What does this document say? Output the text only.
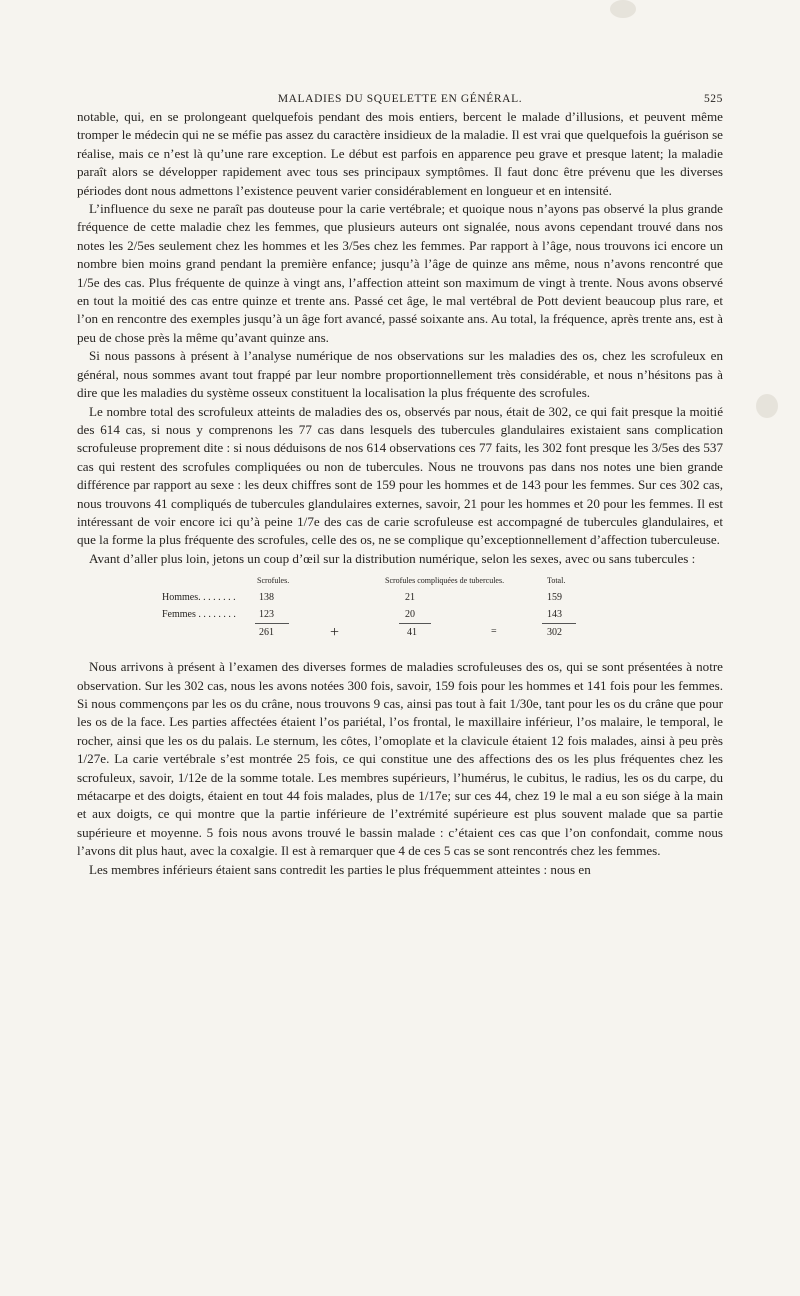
MALADIES DU SQUELETTE EN GÉNÉRAL.	525

notable, qui, en se prolongeant quelquefois pendant des mois entiers, bercent le malade d’illusions, et peuvent même tromper le médecin qui ne se méfie pas assez du caractère insidieux de la maladie. Il est vrai que quelquefois la guérison se réalise, mais ce n’est là qu’une rare exception. Le début est parfois en apparence peu grave et presque latent; la maladie paraît alors se développer rapidement avec tous ses principaux symptômes. Il faut donc être prévenu que les diverses périodes dont nous admettons l’existence peuvent varier considérablement en longueur et en intensité.

L’influence du sexe ne paraît pas douteuse pour la carie vertébrale; et quoique nous n’ayons pas observé la plus grande fréquence de cette maladie chez les femmes, que plusieurs auteurs ont signalée, nous avons cependant trouvé dans nos notes les 2/5es seulement chez les hommes et les 3/5es chez les femmes. Par rapport à l’âge, nous trouvons ici encore un nombre bien moins grand pendant la première enfance; jusqu’à l’âge de quinze ans même, nous n’avons rencontré que 1/5e des cas. Plus fréquente de quinze à vingt ans, l’affection atteint son maximum de vingt à trente. Nous avons observé en tout la moitié des cas entre quinze et trente ans. Passé cet âge, le mal vertébral de Pott devient beaucoup plus rare, et l’on en rencontre des exemples jusqu’à un âge fort avancé, passé soixante ans. Au total, la fréquence, après trente ans, est à peu de chose près la même qu’avant quinze ans.

Si nous passons à présent à l’analyse numérique de nos observations sur les maladies des os, chez les scrofuleux en général, nous sommes avant tout frappé par leur nombre proportionnellement très considérable, et nous n’hésitons pas à dire que les maladies du système osseux constituent la localisation la plus fréquente des scrofules.

Le nombre total des scrofuleux atteints de maladies des os, observés par nous, était de 302, ce qui fait presque la moitié des 614 cas, si nous y comprenons les 77 cas dans lesquels des tubercules glandulaires existaient sans complication scrofuleuse proprement dite : si nous déduisons de nos 614 observations ces 77 faits, les 302 font presque les 3/5es des 537 cas qui restent des scrofules compliquées ou non de tubercules. Nous ne trouvons pas dans nos notes une bien grande différence par rapport au sexe : les deux chiffres sont de 159 pour les hommes et de 143 pour les femmes. Sur ces 302 cas, nous trouvons 41 compliqués de tubercules glandulaires externes, savoir, 21 pour les hommes et 20 pour les femmes. Il est intéressant de voir encore ici qu’à peine 1/7e des cas de carie scrofuleuse est accompagné de tubercules glandulaires, et que la forme la plus fréquente des scrofules, celle des os, ne se complique qu’exceptionnellement d’affection tuberculeuse.

Avant d’aller plus loin, jetons un coup d’œil sur la distribution numérique, selon les sexes, avec ou sans tubercules :

Scrofules.	Scrofules compliquées de tubercules.	Total.
Hommes. . . . . . . . 138	21	159
Femmes . . . . . . . . 123	20	143
261	+	41	=	302

Nous arrivons à présent à l’examen des diverses formes de maladies scrofuleuses des os, qui se sont présentées à notre observation. Sur les 302 cas, nous les avons notées 300 fois, savoir, 159 fois pour les hommes et 141 fois pour les femmes. Si nous commençons par les os du crâne, nous trouvons 9 cas, ainsi pas tout à fait 1/30e, tant pour les os du crâne que pour les os de la face. Les parties affectées étaient l’os pariétal, l’os frontal, le maxillaire inférieur, l’os malaire, le temporal, le rocher, ainsi que les os du palais. Le sternum, les côtes, l’omoplate et la clavicule étaient 12 fois malades, ainsi à peu près 1/27e. La carie vertébrale s’est montrée 25 fois, ce qui constitue une des affections des os les plus fréquentes chez les scrofuleux, savoir, 1/12e de la somme totale. Les membres supérieurs, l’humérus, le cubitus, le radius, les os du carpe, du métacarpe et des doigts, étaient en tout 44 fois malades, plus de 1/17e; sur ces 44, chez 19 le mal a eu son siége à la main et aux doigts, ce qui montre que la partie inférieure de l’extrémité supérieure est plus souvent malade que sa partie supérieure et moyenne. 5 fois nous avons trouvé le bassin malade : c’étaient ces cas que l’on confondait, comme nous l’avons dit plus haut, avec la coxalgie. Il est à remarquer que 4 de ces 5 cas se sont rencontrés chez les femmes.

Les membres inférieurs étaient sans contredit les parties le plus fréquemment atteintes : nous en
